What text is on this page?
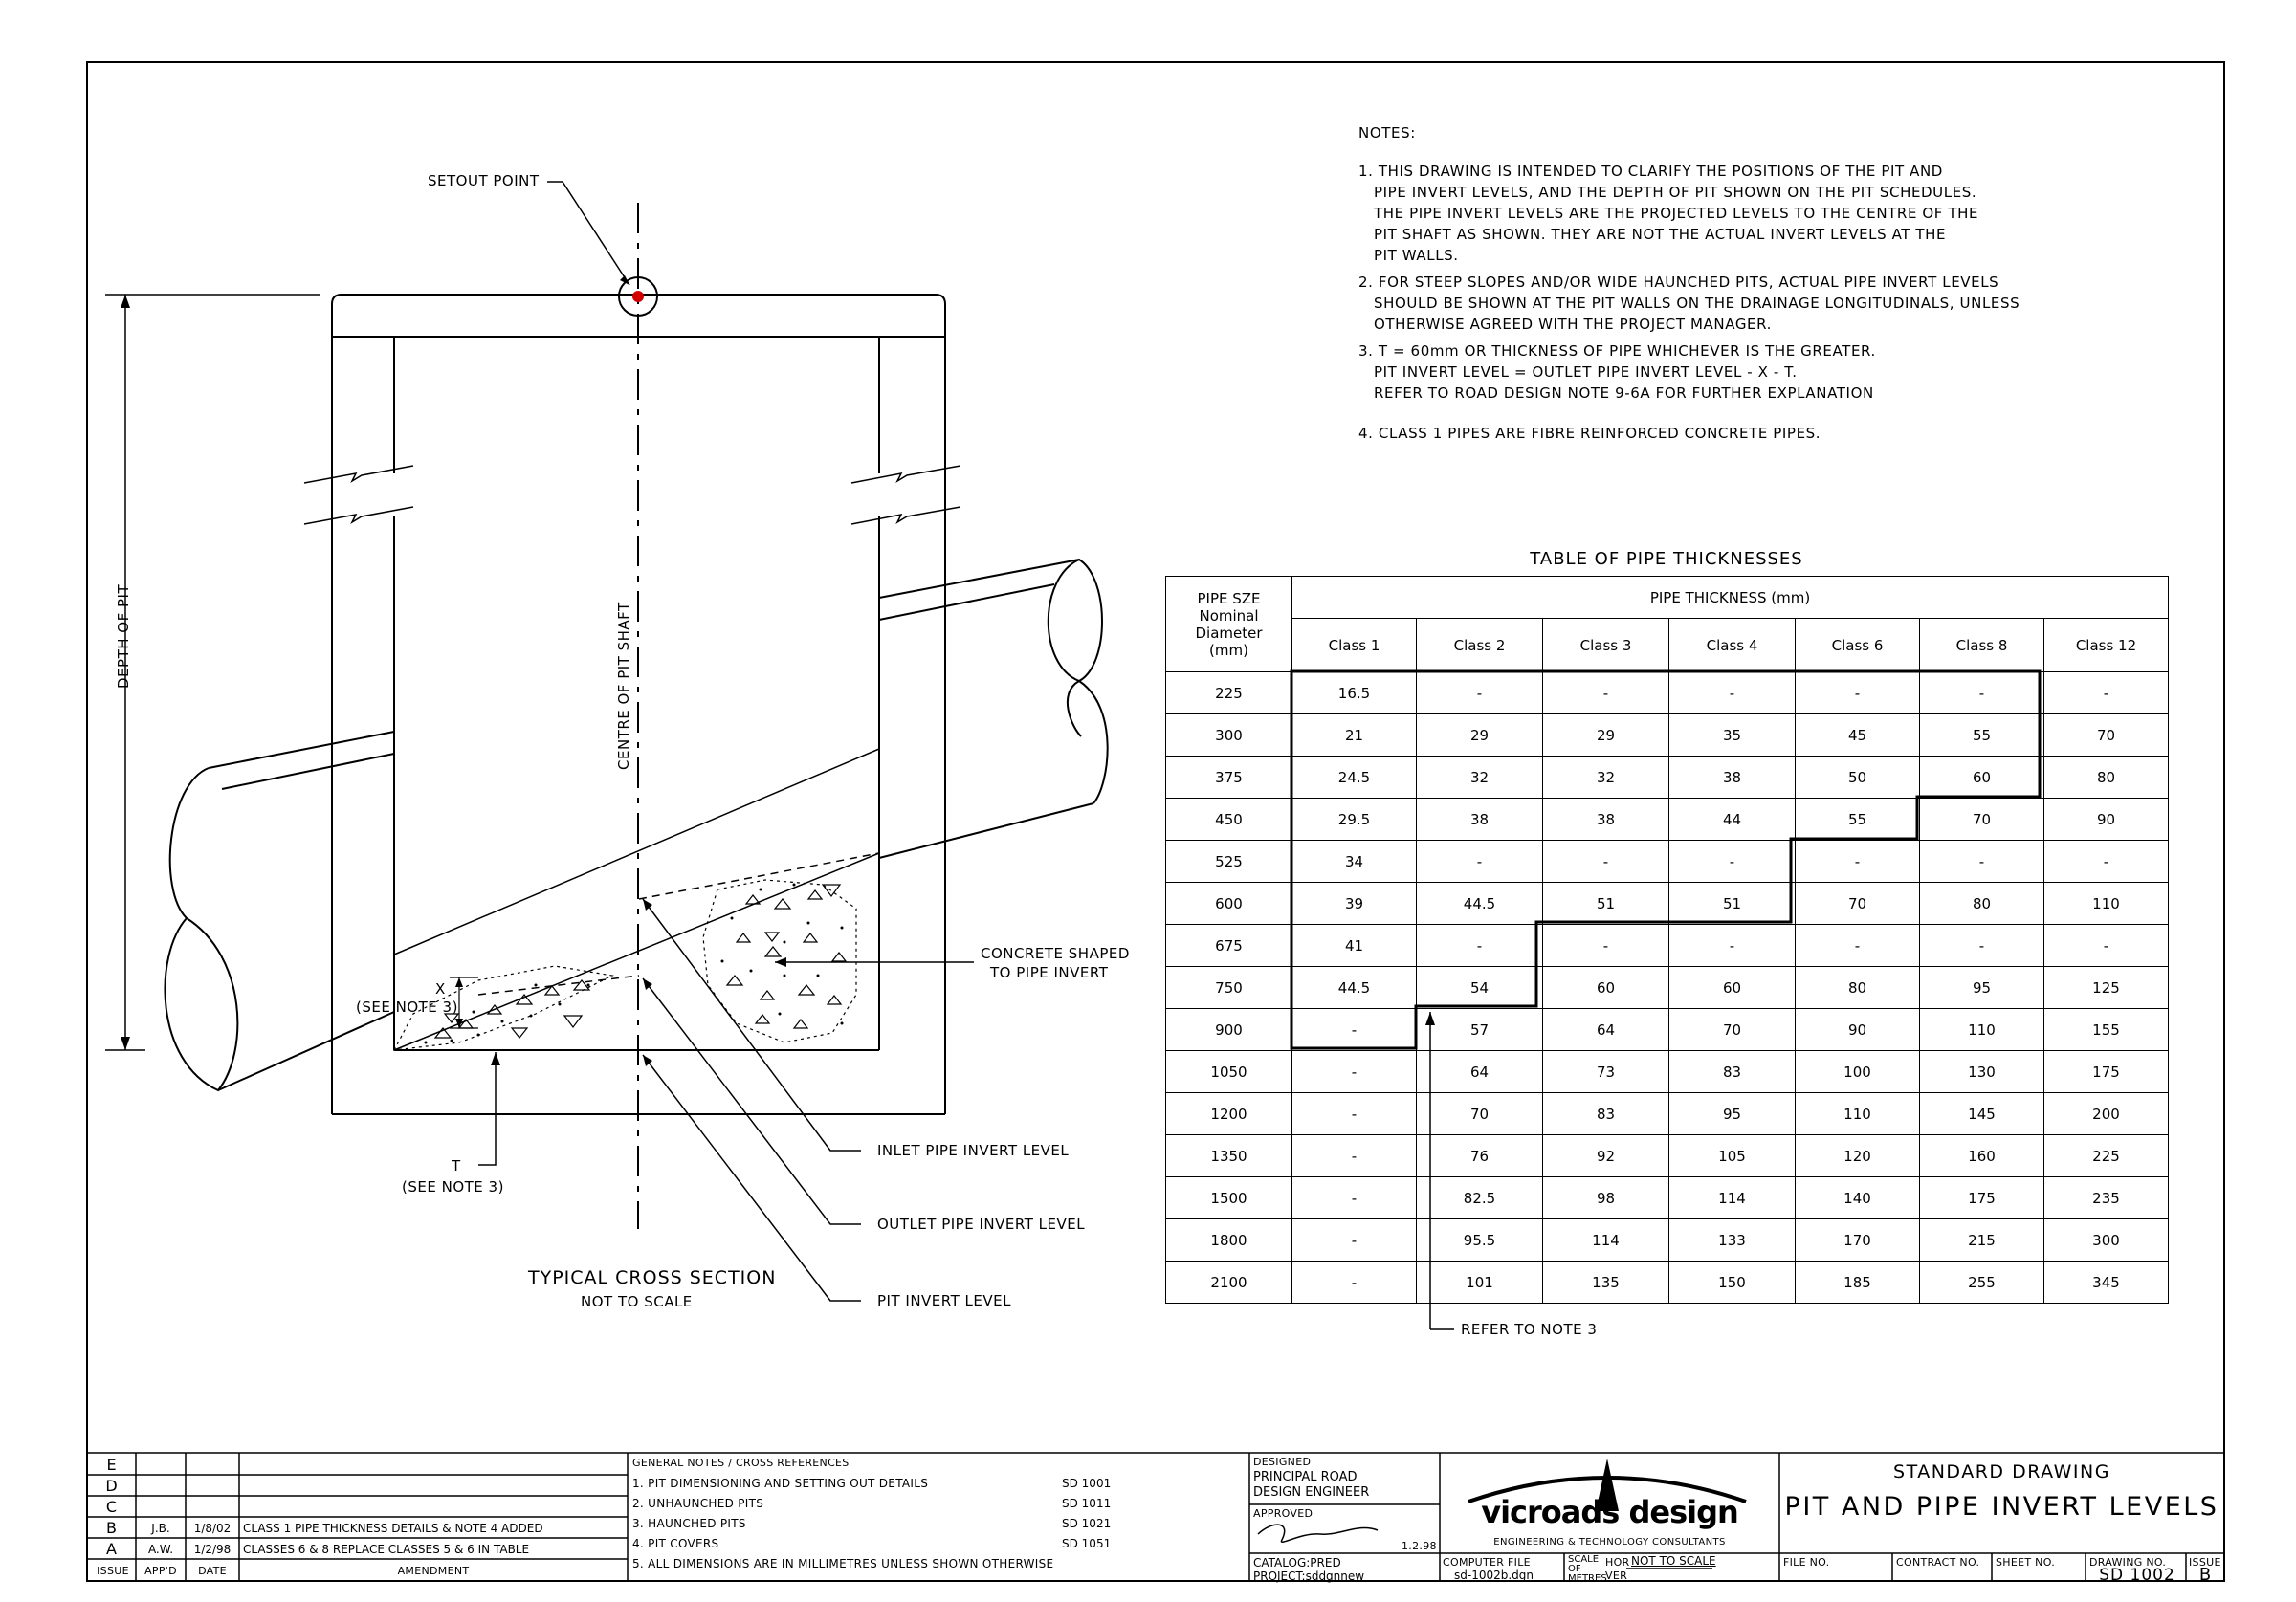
SETOUT POINT
DEPTH OF PIT	CENTRE OF PIT SHAFT
X
(SEE NOTE 3)
T
(SEE NOTE 3)
CONCRETE SHAPED
TO PIPE INVERT
INLET PIPE INVERT LEVEL
OUTLET PIPE INVERT LEVEL
PIT INVERT LEVEL
TYPICAL CROSS SECTION
NOT TO SCALE
NOTES:
1. THIS DRAWING IS INTENDED TO CLARIFY THE POSITIONS OF THE PIT AND
PIPE INVERT LEVELS, AND THE DEPTH OF PIT SHOWN ON THE PIT SCHEDULES.
THE PIPE INVERT LEVELS ARE THE PROJECTED LEVELS TO THE CENTRE OF THE
PIT SHAFT AS SHOWN. THEY ARE NOT THE ACTUAL INVERT LEVELS AT THE
PIT WALLS.
2. FOR STEEP SLOPES AND/OR WIDE HAUNCHED PITS, ACTUAL PIPE INVERT LEVELS
SHOULD BE SHOWN AT THE PIT WALLS ON THE DRAINAGE LONGITUDINALS, UNLESS
OTHERWISE AGREED WITH THE PROJECT MANAGER.
3. T = 60mm OR THICKNESS OF PIPE WHICHEVER IS THE GREATER.
PIT INVERT LEVEL = OUTLET PIPE INVERT LEVEL - X - T.
REFER TO ROAD DESIGN NOTE 9-6A FOR FURTHER EXPLANATION
4. CLASS 1 PIPES ARE FIBRE REINFORCED CONCRETE PIPES.
TABLE OF PIPE THICKNESSES
PIPE SZE
Nominal
Diameter
(mm)	PIPE THICKNESS (mm)						
	Class 1	Class 2	Class 3	Class 4	Class 6	Class 8	Class 12
225	16.5	-	-	-	-	-	-
300	21	29	29	35	45	55	70
375	24.5	32	32	38	50	60	80
450	29.5	38	38	44	55	70	90
525	34	-	-	-	-	-	-
600	39	44.5	51	51	70	80	110
675	41	-	-	-	-	-	-
750	44.5	54	60	60	80	95	125
900	-	57	64	70	90	110	155
1050	-	64	73	83	100	130	175
1200	-	70	83	95	110	145	200
1350	-	76	92	105	120	160	225
1500	-	82.5	98	114	140	175	235
1800	-	95.5	114	133	170	215	300
2100	-	101	135	150	185	255	345
REFER TO NOTE 3
E
D
C
B	J.B.	1/8/02	CLASS 1 PIPE THICKNESS DETAILS & NOTE 4 ADDED
A	A.W.	1/2/98	CLASSES 6 & 8 REPLACE CLASSES 5 & 6 IN TABLE
ISSUE	APP'D	DATE	AMENDMENT
GENERAL NOTES / CROSS REFERENCES
1. PIT DIMENSIONING AND SETTING OUT DETAILS	SD 1001
2. UNHAUNCHED PITS	SD 1011
3. HAUNCHED PITS	SD 1021
4. PIT COVERS	SD 1051
5. ALL DIMENSIONS ARE IN MILLIMETRES UNLESS SHOWN OTHERWISE
DESIGNED
PRINCIPAL ROAD
DESIGN ENGINEER
APPROVED
1.2.98
CATALOG:PRED
PROJECT:sddgnnew
vicroads design
ENGINEERING & TECHNOLOGY CONSULTANTS
COMPUTER FILE
sd-1002b.dgn
SCALE
OF
METRES
HOR
VER
NOT TO SCALE
STANDARD DRAWING
PIT AND PIPE INVERT LEVELS
FILE NO.	CONTRACT NO. SHEET NO.	DRAWING NO.
SD 1002
ISSUE
B
